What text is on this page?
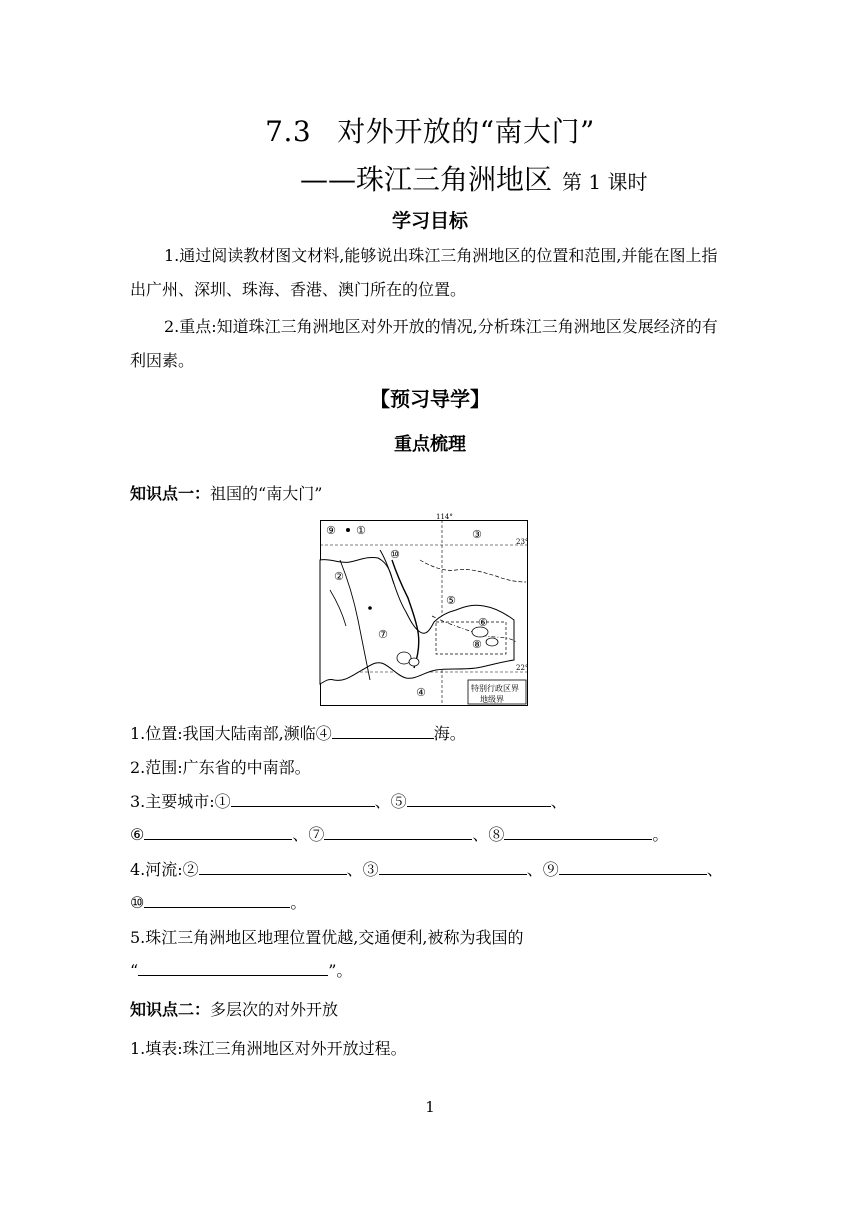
7.3 对外开放的“南大门”
——珠江三角洲地区 第 1 课时
学习目标
1.通过阅读教材图文材料,能够说出珠江三角洲地区的位置和范围,并能在图上指出广州、深圳、珠海、香港、澳门所在的位置。
2.重点:知道珠江三角洲地区对外开放的情况,分析珠江三角洲地区发展经济的有利因素。
【预习导学】
重点梳理
知识点一：祖国的“南大门”
特别行政区界
地级界
114°
23°
22°
⑨ ①	③
⑩
②
⑤
⑥
⑦
⑧
④
1.位置:我国大陆南部,濒临④	海。
2.范围:广东省的中南部。
3.主要城市:①	、⑤	、
⑥	、⑦	、⑧	。
4.河流:②	、③	、⑨	、
⑩	。
5.珠江三角洲地区地理位置优越,交通便利,被称为我国的
“	”。
知识点二：多层次的对外开放
1.填表:珠江三角洲地区对外开放过程。
1
